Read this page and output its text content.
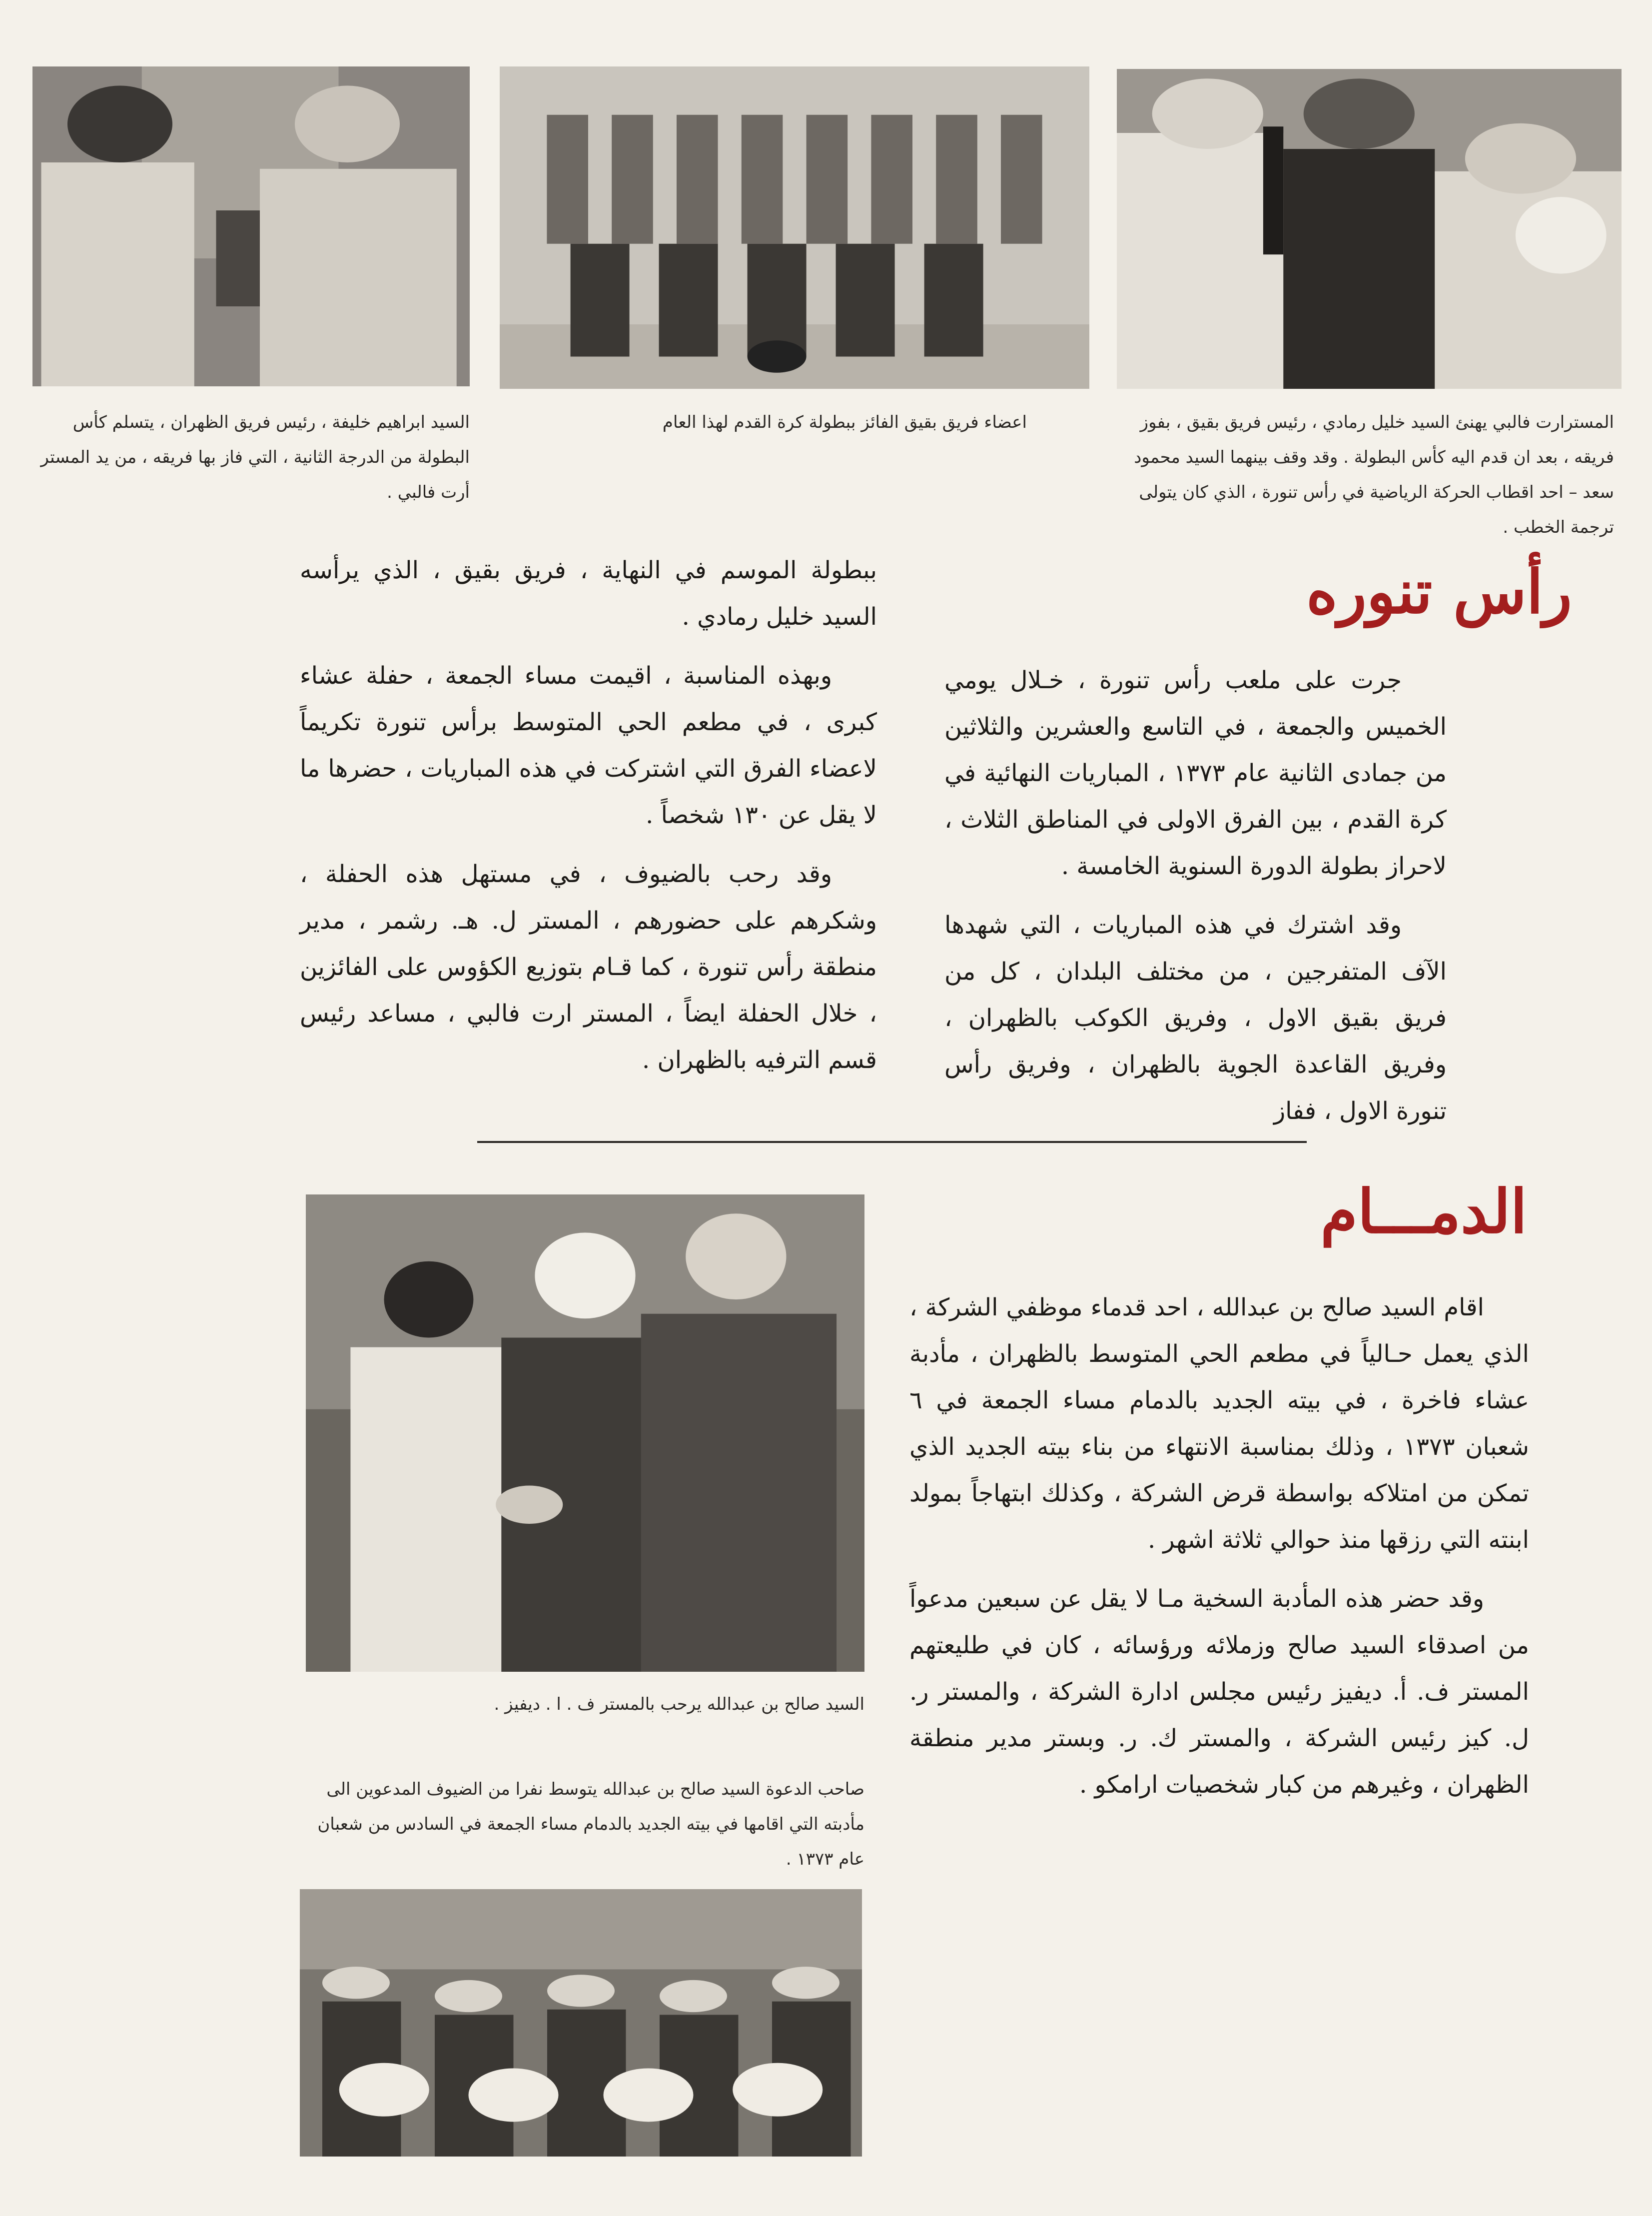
السيد ابراهيم خليفة ، رئيس فريق الظهران ، يتسلم كأس البطولة من الدرجة الثانية ، التي فاز بها فريقه ، من يد المستر أرت فالبي .

اعضاء فريق بقيق الفائز ببطولة كرة القدم لهذا العام	المسترارت فالبي يهنئ السيد خليل رمادي ، رئيس فريق بقيق ، بفوز فريقه ، بعد ان قدم اليه كأس البطولة . وقد وقف بينهما السيد محمود سعد – احد اقطاب الحركة الرياضية في رأس تنورة ، الذي كان يتولى ترجمة الخطب .

رأس تنوره

جرت على ملعب رأس تنورة ، خـلال يومي الخميس والجمعة ، في التاسع والعشرين والثلاثين من جمادى الثانية عام ١٣٧٣ ، المباريات النهائية في كرة القدم ، بين الفرق الاولى في المناطق الثلاث ، لاحراز بطولة الدورة السنوية الخامسة .

وقد اشترك في هذه المباريات ، التي شهدها الآف المتفرجين ، من مختلف البلدان ، كل من فريق بقيق الاول ، وفريق الكوكب بالظهران ، وفريق القاعدة الجوية بالظهران ، وفريق رأس تنورة الاول ، ففاز

ببطولة الموسم في النهاية ، فريق بقيق ، الذي يرأسه السيد خليل رمادي .

وبهذه المناسبة ، اقيمت مساء الجمعة ، حفلة عشاء كبرى ، في مطعم الحي المتوسط برأس تنورة تكريماً لاعضاء الفرق التي اشتركت في هذه المباريات ، حضرها ما لا يقل عن ١٣٠ شخصاً .

وقد رحب بالضيوف ، في مستهل هذه الحفلة ، وشكرهم على حضورهم ، المستر ل. هـ. رشمر ، مدير منطقة رأس تنورة ، كما قـام بتوزيع الكؤوس على الفائزين ، خلال الحفلة ايضاً ، المستر ارت فالبي ، مساعد رئيس قسم الترفيه بالظهران .

الدمـــام

اقام السيد صالح بن عبدالله ، احد قدماء موظفي الشركة ، الذي يعمل حـالياً في مطعم الحي المتوسط بالظهران ، مأدبة عشاء فاخرة ، في بيته الجديد بالدمام مساء الجمعة في ٦ شعبان ١٣٧٣ ، وذلك بمناسبة الانتهاء من بناء بيته الجديد الذي تمكن من امتلاكه بواسطة قرض الشركة ، وكذلك ابتهاجاً بمولد ابنته التي رزقها منذ حوالي ثلاثة اشهر .

وقد حضر هذه المأدبة السخية مـا لا يقل عن سبعين مدعواً من اصدقاء السيد صالح وزملائه ورؤسائه ، كان في طليعتهم المستر ف. أ. ديفيز رئيس مجلس ادارة الشركة ، والمستر ر. ل. كيز رئيس الشركة ، والمستر ك. ر. وبستر مدير منطقة الظهران ، وغيرهم من كبار شخصيات ارامكو .

السيد صالح بن عبدالله يرحب بالمستر ف . ا . ديفيز .

صاحب الدعوة السيد صالح بن عبدالله يتوسط نفرا من الضيوف المدعوين الى مأدبته التي اقامها في بيته الجديد بالدمام مساء الجمعة في السادس من شعبان عام ١٣٧٣ .
